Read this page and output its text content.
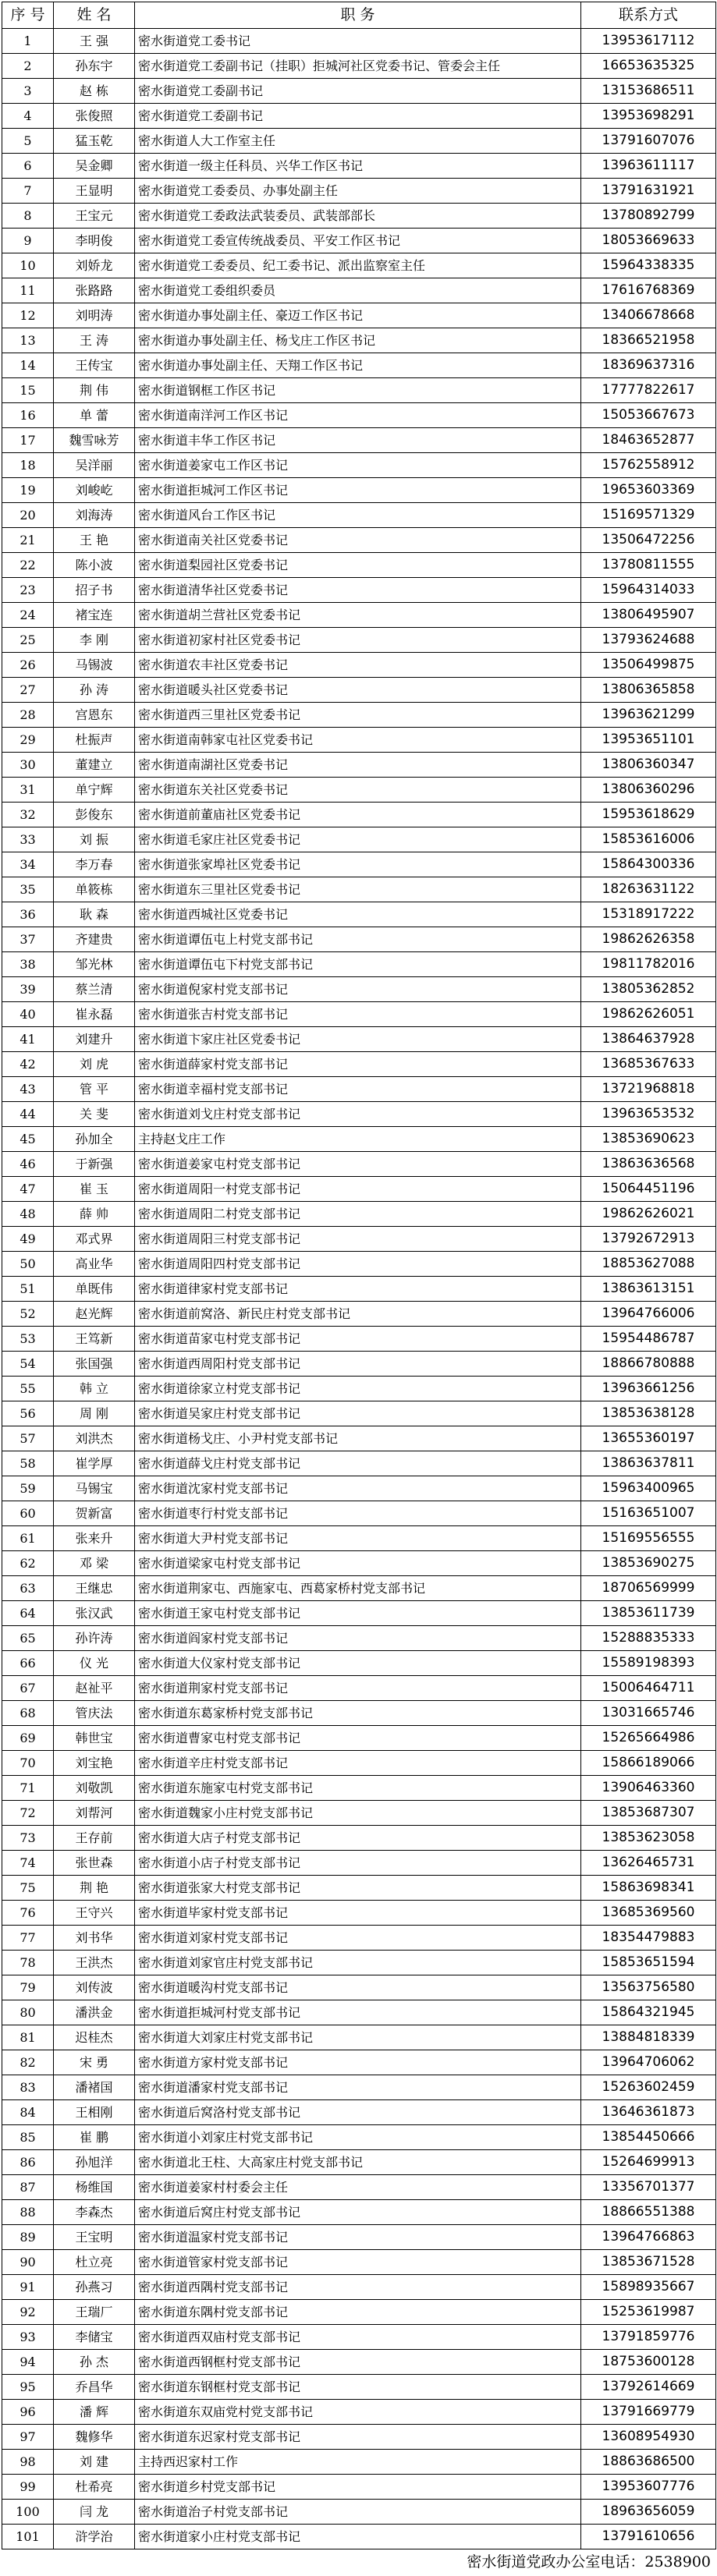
序 号	姓 名	职 务	联系方式
1	王 强	密水街道党工委书记	13953617112
2	孙东宇	密水街道党工委副书记（挂职）拒城河社区党委书记、管委会主任	16653635325
3	赵 栋	密水街道党工委副书记	13153686511
4	张俊照	密水街道党工委副书记	13953698291
5	猛玉乾	密水街道人大工作室主任	13791607076
6	吴金卿	密水街道一级主任科员、兴华工作区书记	13963611117
7	王显明	密水街道党工委委员、办事处副主任	13791631921
8	王宝元	密水街道党工委政法武装委员、武装部部长	13780892799
9	李明俊	密水街道党工委宣传统战委员、平安工作区书记	18053669633
10	刘娇龙	密水街道党工委委员、纪工委书记、派出监察室主任	15964338335
11	张路路	密水街道党工委组织委员	17616768369
12	刘明涛	密水街道办事处副主任、豪迈工作区书记	13406678668
13	王 涛	密水街道办事处副主任、杨戈庄工作区书记	18366521958
14	王传宝	密水街道办事处副主任、天翔工作区书记	18369637316
15	荆 伟	密水街道钢框工作区书记	17777822617
16	单 蕾	密水街道南洋河工作区书记	15053667673
17	魏雪咏芳	密水街道丰华工作区书记	18463652877
18	吴洋丽	密水街道姜家屯工作区书记	15762558912
19	刘峻屹	密水街道拒城河工作区书记	19653603369
20	刘海涛	密水街道风台工作区书记	15169571329
21	王 艳	密水街道南关社区党委书记	13506472256
22	陈小波	密水街道梨园社区党委书记	13780811555
23	招子书	密水街道清华社区党委书记	15964314033
24	褚宝连	密水街道胡兰营社区党委书记	13806495907
25	李 刚	密水街道初家村社区党委书记	13793624688
26	马锡波	密水街道农丰社区党委书记	13506499875
27	孙 涛	密水街道暖头社区党委书记	13806365858
28	宫恩东	密水街道西三里社区党委书记	13963621299
29	杜振声	密水街道南韩家屯社区党委书记	13953651101
30	董建立	密水街道南湖社区党委书记	13806360347
31	单宁辉	密水街道东关社区党委书记	13806360296
32	彭俊东	密水街道前董庙社区党委书记	15953618629
33	刘 振	密水街道毛家庄社区党委书记	15853616006
34	李万春	密水街道张家埠社区党委书记	15864300336
35	单筱栋	密水街道东三里社区党委书记	18263631122
36	耿 森	密水街道西城社区党委书记	15318917222
37	齐建贵	密水街道谭伍屯上村党支部书记	19862626358
38	邹光林	密水街道谭伍屯下村党支部书记	19811782016
39	蔡兰清	密水街道倪家村党支部书记	13805362852
40	崔永磊	密水街道张吉村党支部书记	19862626051
41	刘建升	密水街道卞家庄社区党委书记	13864637928
42	刘 虎	密水街道薛家村党支部书记	13685367633
43	管 平	密水街道幸福村党支部书记	13721968818
44	关 斐	密水街道刘戈庄村党支部书记	13963653532
45	孙加全	主持赵戈庄工作	13853690623
46	于新强	密水街道姜家屯村党支部书记	13863636568
47	崔 玉	密水街道周阳一村党支部书记	15064451196
48	薛 帅	密水街道周阳二村党支部书记	19862626021
49	邓式界	密水街道周阳三村党支部书记	13792672913
50	高业华	密水街道周阳四村党支部书记	18853627088
51	单既伟	密水街道律家村党支部书记	13863613151
52	赵光辉	密水街道前窝洛、新民庄村党支部书记	13964766006
53	王笃新	密水街道苗家屯村党支部书记	15954486787
54	张国强	密水街道西周阳村党支部书记	18866780888
55	韩 立	密水街道徐家立村党支部书记	13963661256
56	周 刚	密水街道吴家庄村党支部书记	13853638128
57	刘洪杰	密水街道杨戈庄、小尹村党支部书记	13655360197
58	崔学厚	密水街道薛戈庄村党支部书记	13863637811
59	马锡宝	密水街道沈家村党支部书记	15963400965
60	贺新富	密水街道枣行村党支部书记	15163651007
61	张来升	密水街道大尹村党支部书记	15169556555
62	邓 梁	密水街道梁家屯村党支部书记	13853690275
63	王继忠	密水街道荆家屯、西施家屯、西葛家桥村党支部书记	18706569999
64	张汉武	密水街道王家屯村党支部书记	13853611739
65	孙许涛	密水街道阎家村党支部书记	15288835333
66	仪 光	密水街道大仪家村党支部书记	15589198393
67	赵祉平	密水街道荆家村党支部书记	15006464711
68	管庆法	密水街道东葛家桥村党支部书记	13031665746
69	韩世宝	密水街道曹家屯村党支部书记	15265664986
70	刘宝艳	密水街道辛庄村党支部书记	15866189066
71	刘敬凯	密水街道东施家屯村党支部书记	13906463360
72	刘帮河	密水街道魏家小庄村党支部书记	13853687307
73	王存前	密水街道大店子村党支部书记	13853623058
74	张世森	密水街道小店子村党支部书记	13626465731
75	荆 艳	密水街道张家大村党支部书记	15863698341
76	王守兴	密水街道毕家村党支部书记	13685369560
77	刘书华	密水街道刘家村党支部书记	18354479883
78	王洪杰	密水街道刘家官庄村党支部书记	15853651594
79	刘传波	密水街道暖沟村党支部书记	13563756580
80	潘洪金	密水街道拒城河村党支部书记	15864321945
81	迟桂杰	密水街道大刘家庄村党支部书记	13884818339
82	宋 勇	密水街道方家村党支部书记	13964706062
83	潘褚国	密水街道潘家村党支部书记	15263602459
84	王相刚	密水街道后窝洛村党支部书记	13646361873
85	崔 鹏	密水街道小刘家庄村党支部书记	13854450666
86	孙旭洋	密水街道北王柱、大高家庄村党支部书记	15264699913
87	杨维国	密水街道姜家村村委会主任	13356701377
88	李森杰	密水街道后窝庄村党支部书记	18866551388
89	王宝明	密水街道温家村党支部书记	13964766863
90	杜立亮	密水街道管家村党支部书记	13853671528
91	孙燕习	密水街道西隅村党支部书记	15898935667
92	王瑞厂	密水街道东隅村党支部书记	15253619987
93	李储宝	密水街道西双庙村党支部书记	13791859776
94	孙 杰	密水街道西钢框村党支部书记	18753600128
95	乔昌华	密水街道东钢框村党支部书记	13792614669
96	潘 辉	密水街道东双庙党村党支部书记	13791669779
97	魏修华	密水街道东迟家村党支部书记	13608954930
98	刘 建	主持西迟家村工作	18863686500
99	杜希亮	密水街道乡村党支部书记	13953607776
100	闫 龙	密水街道治子村党支部书记	18963656059
101	浒学治	密水街道家小庄村党支部书记	13791610656
密水街道党政办公室电话：2538900
